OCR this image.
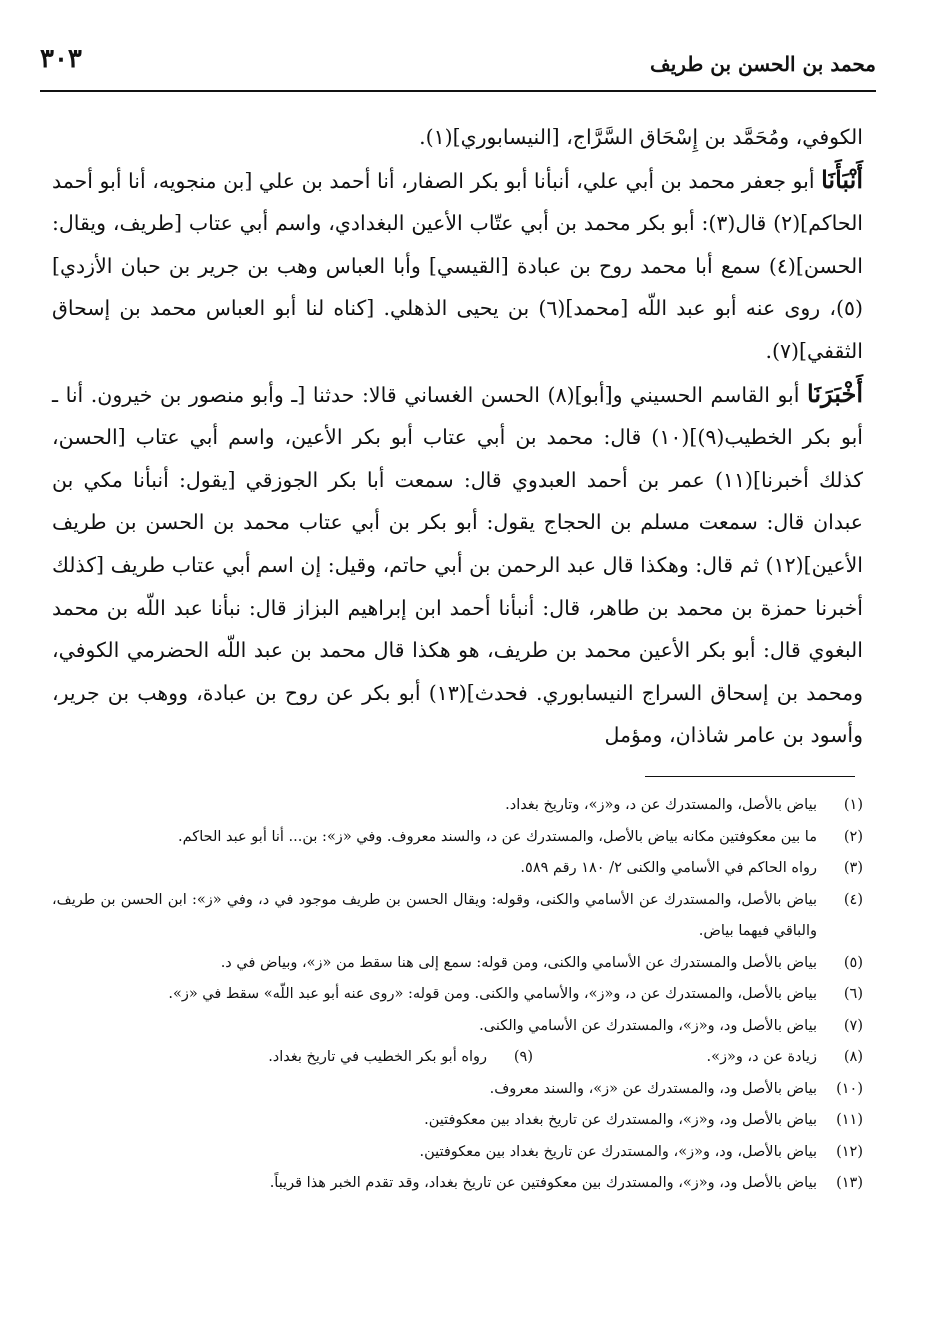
محمد بن الحسن بن طريف
٣٠٣

الكوفي، ومُحَمَّد بن إِسْحَاق السَّرَّاج، [النيسابوري](١).

أَنْبَأَنَا أبو جعفر محمد بن أبي علي، أنبأنا أبو بكر الصفار، أنا أحمد بن علي [بن منجويه، أنا أبو أحمد الحاكم](٢) قال(٣): أبو بكر محمد بن أبي عتّاب الأعين البغدادي، واسم أبي عتاب [طريف، ويقال: الحسن](٤) سمع أبا محمد روح بن عبادة [القيسي] وأبا العباس وهب بن جرير بن حبان الأزدي](٥)، روى عنه أبو عبد اللّه [محمد](٦) بن يحيى الذهلي. [كناه لنا أبو العباس محمد بن إسحاق الثقفي](٧).

أَخْبَرَنَا أبو القاسم الحسيني و[أبو](٨) الحسن الغساني قالا: حدثنا [ـ وأبو منصور بن خيرون. أنا ـ أبو بكر الخطيب(٩)](١٠) قال: محمد بن أبي عتاب أبو بكر الأعين، واسم أبي عتاب [الحسن، كذلك أخبرنا](١١) عمر بن أحمد العبدوي قال: سمعت أبا بكر الجوزقي [يقول: أنبأنا مكي بن عبدان قال: سمعت مسلم بن الحجاج يقول: أبو بكر بن أبي عتاب محمد بن الحسن بن طريف الأعين](١٢) ثم قال: وهكذا قال عبد الرحمن بن أبي حاتم، وقيل: إن اسم أبي عتاب طريف [كذلك أخبرنا حمزة بن محمد بن طاهر، قال: أنبأنا أحمد ابن إبراهيم البزاز قال: نبأنا عبد اللّه بن محمد البغوي قال: أبو بكر الأعين محمد بن طريف، هو هكذا قال محمد بن عبد اللّه الحضرمي الكوفي، ومحمد بن إسحاق السراج النيسابوري. فحدث](١٣) أبو بكر عن روح بن عبادة، ووهب بن جرير، وأسود بن عامر شاذان، ومؤمل

(١)
بياض بالأصل، والمستدرك عن د، و«ز»، وتاريخ بغداد.
(٢)
ما بين معكوفتين مكانه بياض بالأصل، والمستدرك عن د، والسند معروف. وفي «ز»: بن... أنا أبو عبد الحاكم.
(٣)
رواه الحاكم في الأسامي والكنى ٢/ ١٨٠ رقم ٥٨٩.
(٤)
بياض بالأصل، والمستدرك عن الأسامي والكنى، وقوله: ويقال الحسن بن طريف موجود في د، وفي «ز»: ابن الحسن بن طريف، والباقي فيهما بياض.
(٥)
بياض بالأصل والمستدرك عن الأسامي والكنى، ومن قوله: سمع إلى هنا سقط من «ز»، وبياض في د.
(٦)
بياض بالأصل، والمستدرك عن د، و«ز»، والأسامي والكنى. ومن قوله: «روى عنه أبو عبد اللّه» سقط في «ز».
(٧)
بياض بالأصل ود، و«ز»، والمستدرك عن الأسامي والكنى.
(٨)
زيادة عن د، و«ز».
(٩)
رواه أبو بكر الخطيب في تاريخ بغداد.
(١٠)
بياض بالأصل ود، والمستدرك عن «ز»، والسند معروف.
(١١)
بياض بالأصل ود، و«ز»، والمستدرك عن تاريخ بغداد بين معكوفتين.
(١٢)
بياض بالأصل، ود، و«ز»، والمستدرك عن تاريخ بغداد بين معكوفتين.
(١٣)
بياض بالأصل ود، و«ز»، والمستدرك بين معكوفتين عن تاريخ بغداد، وقد تقدم الخبر هذا قريباً.
